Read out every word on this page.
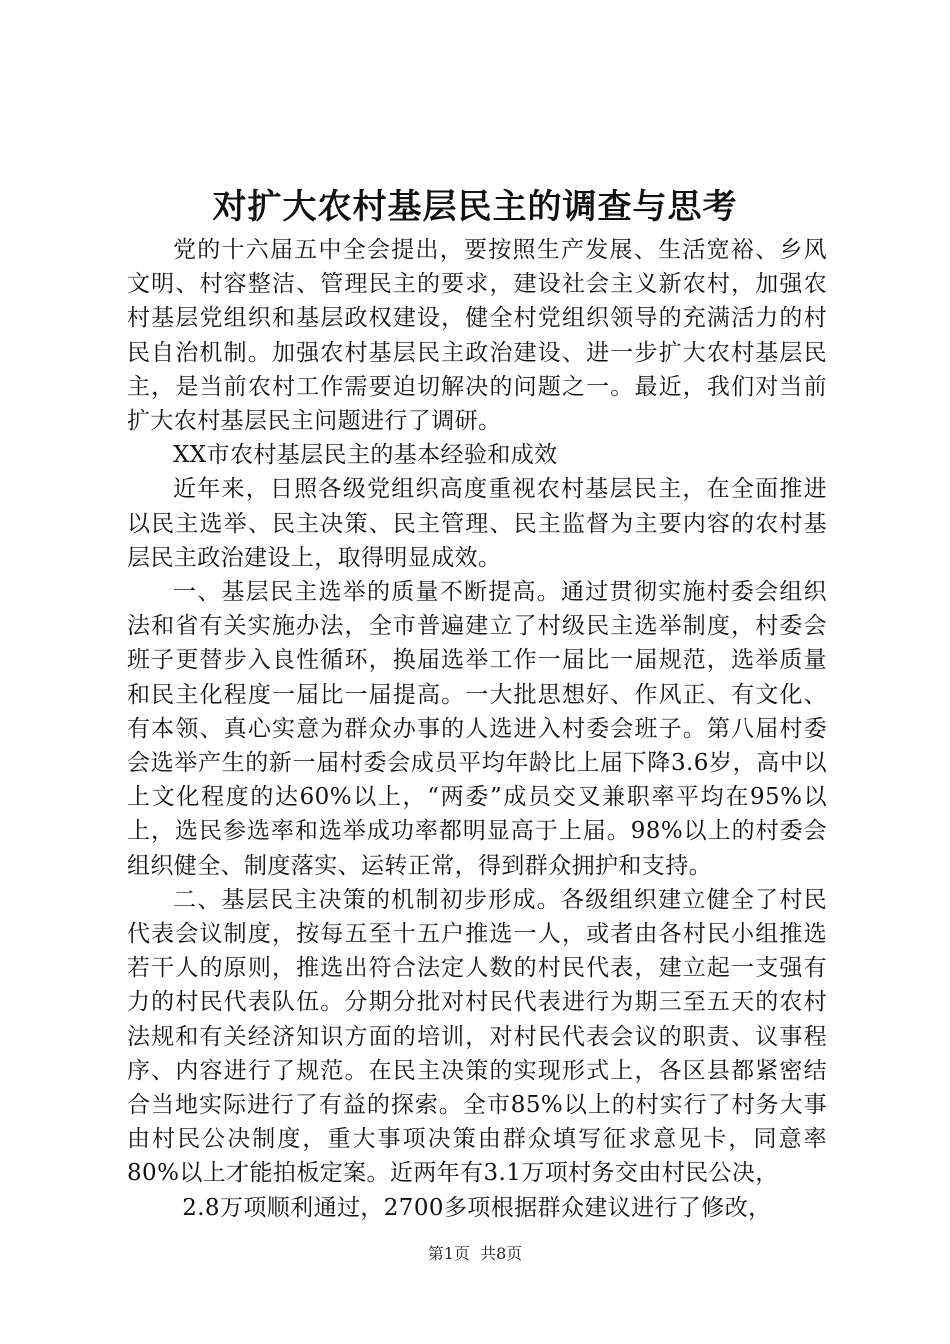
对扩大农村基层民主的调查与思考

党的十六届五中全会提出，要按照生产发展、生活宽裕、乡风文明、村容整洁、管理民主的要求，建设社会主义新农村，加强农村基层党组织和基层政权建设，健全村党组织领导的充满活力的村民自治机制。加强农村基层民主政治建设、进一步扩大农村基层民主，是当前农村工作需要迫切解决的问题之一。最近，我们对当前扩大农村基层民主问题进行了调研。

XX市农村基层民主的基本经验和成效

近年来，日照各级党组织高度重视农村基层民主，在全面推进以民主选举、民主决策、民主管理、民主监督为主要内容的农村基层民主政治建设上，取得明显成效。

一、基层民主选举的质量不断提高。通过贯彻实施村委会组织法和省有关实施办法，全市普遍建立了村级民主选举制度，村委会班子更替步入良性循环，换届选举工作一届比一届规范，选举质量和民主化程度一届比一届提高。一大批思想好、作风正、有文化、有本领、真心实意为群众办事的人选进入村委会班子。第八届村委会选举产生的新一届村委会成员平均年龄比上届下降3.6岁，高中以上文化程度的达60%以上，“两委”成员交叉兼职率平均在95%以上，选民参选率和选举成功率都明显高于上届。98%以上的村委会组织健全、制度落实、运转正常，得到群众拥护和支持。

二、基层民主决策的机制初步形成。各级组织建立健全了村民代表会议制度，按每五至十五户推选一人，或者由各村民小组推选若干人的原则，推选出符合法定人数的村民代表，建立起一支强有力的村民代表队伍。分期分批对村民代表进行为期三至五天的农村法规和有关经济知识方面的培训，对村民代表会议的职责、议事程序、内容进行了规范。在民主决策的实现形式上，各区县都紧密结合当地实际进行了有益的探索。全市85%以上的村实行了村务大事由村民公决制度，重大事项决策由群众填写征求意见卡，同意率80%以上才能拍板定案。近两年有3.1万项村务交由村民公决，

2.8万项顺利通过，2700多项根据群众建议进行了修改，

第1页  共8页
